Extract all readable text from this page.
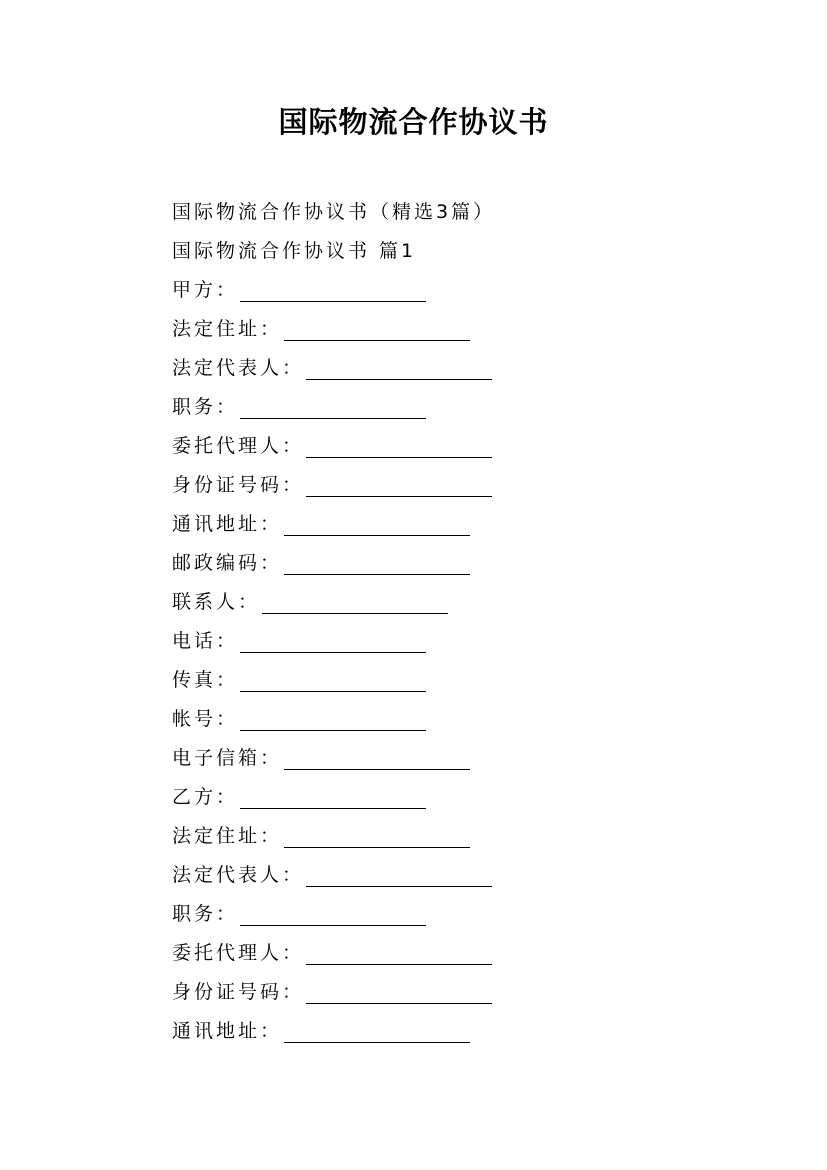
国际物流合作协议书
国际物流合作协议书（精选3篇）
国际物流合作协议书 篇1
甲方：
法定住址：
法定代表人：
职务：
委托代理人：
身份证号码：
通讯地址：
邮政编码：
联系人：
电话：
传真：
帐号：
电子信箱：
乙方：
法定住址：
法定代表人：
职务：
委托代理人：
身份证号码：
通讯地址：
